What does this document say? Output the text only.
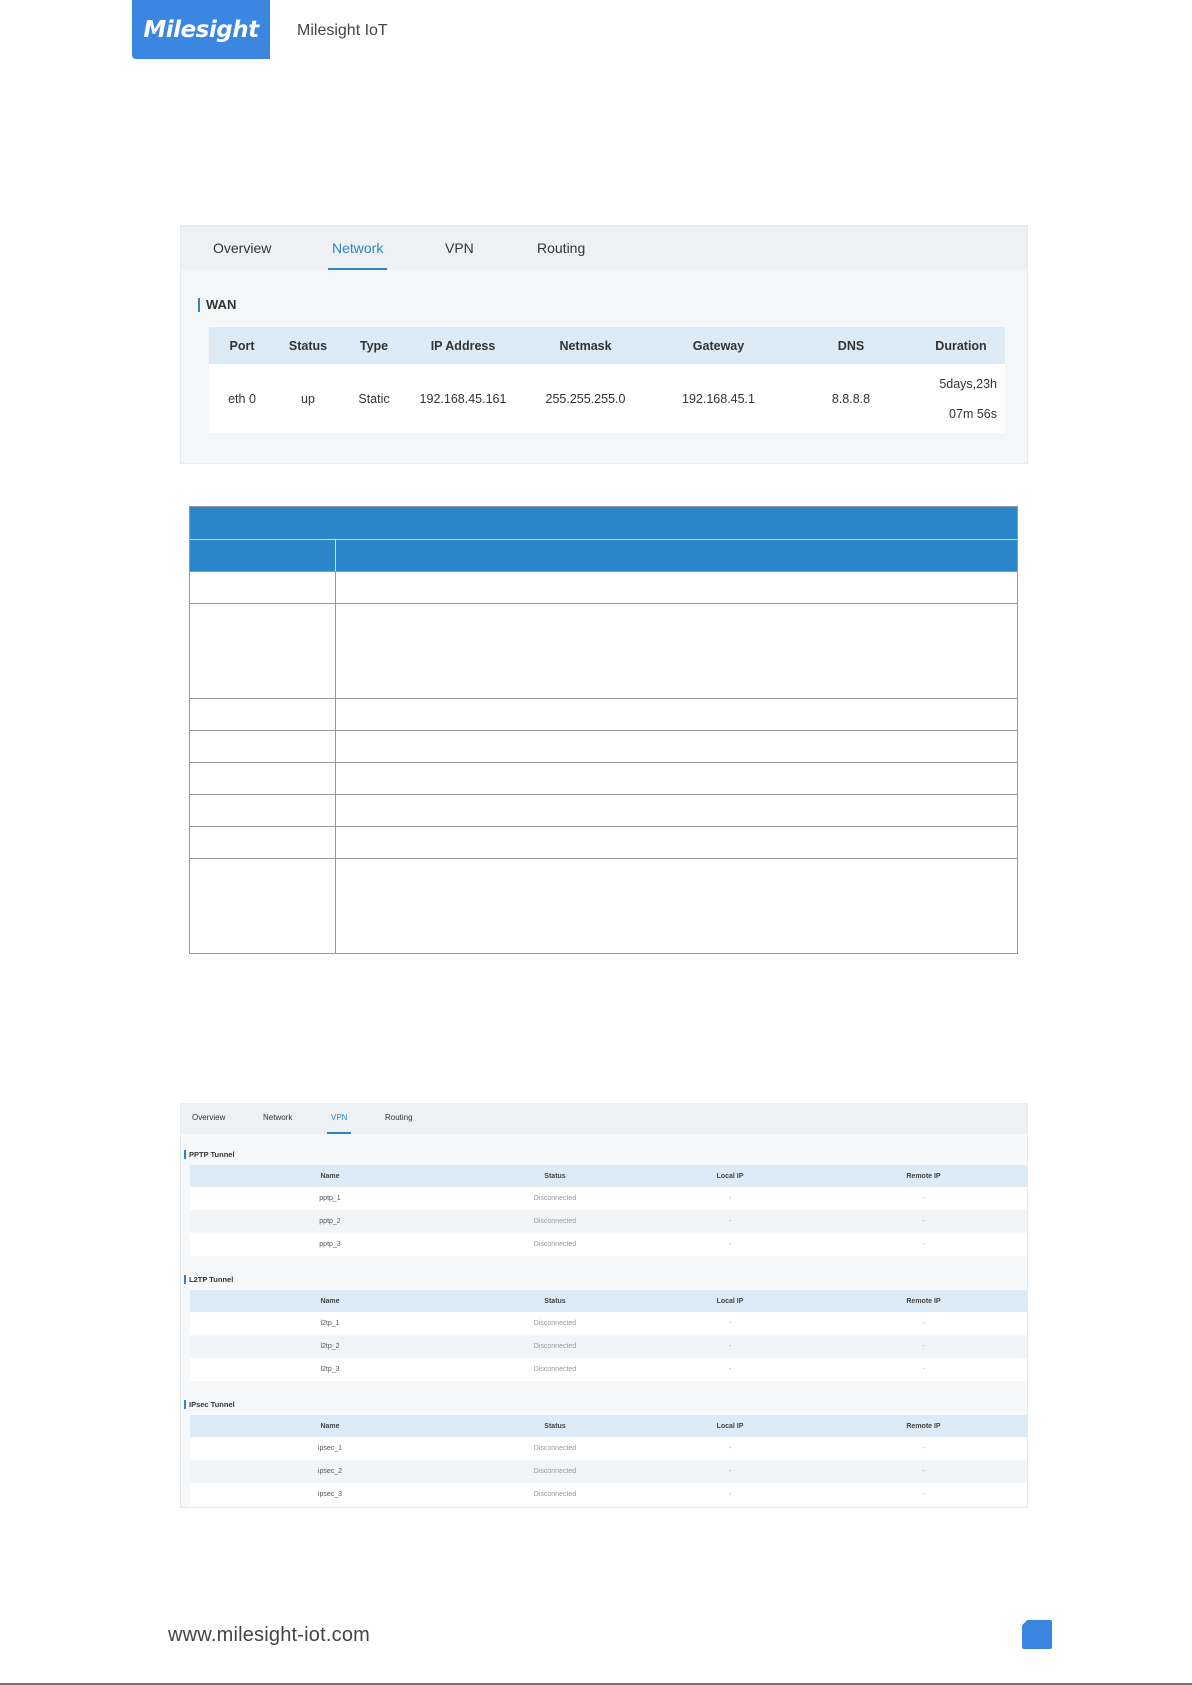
Milesight Milesight IoT
Overview	Network	VPN	Routing
WAN
Port	Status	Type	IP Address	Netmask	Gateway	DNS	Duration
eth 0	up	Static	192.168.45.161	255.255.255.0	192.168.45.1	8.8.8.8	5days,23h
07m 56s
Overview	Network	VPN	Routing
PPTP Tunnel
Name	Status	Local IP	Remote IP
pptp_1	Disconnected	-	-
pptp_2	Disconnected	-	-
pptp_3	Disconnected	-	-
L2TP Tunnel
Name	Status	Local IP	Remote IP
l2tp_1	Disconnected	-	-
l2tp_2	Disconnected	-	-
l2tp_3	Disconnected	-	-
IPsec Tunnel
Name	Status	Local IP	Remote IP
ipsec_1	Disconnected	-	-
ipsec_2	Disconnected	-	-
ipsec_3	Disconnected	-	-
www.milesight-iot.com
